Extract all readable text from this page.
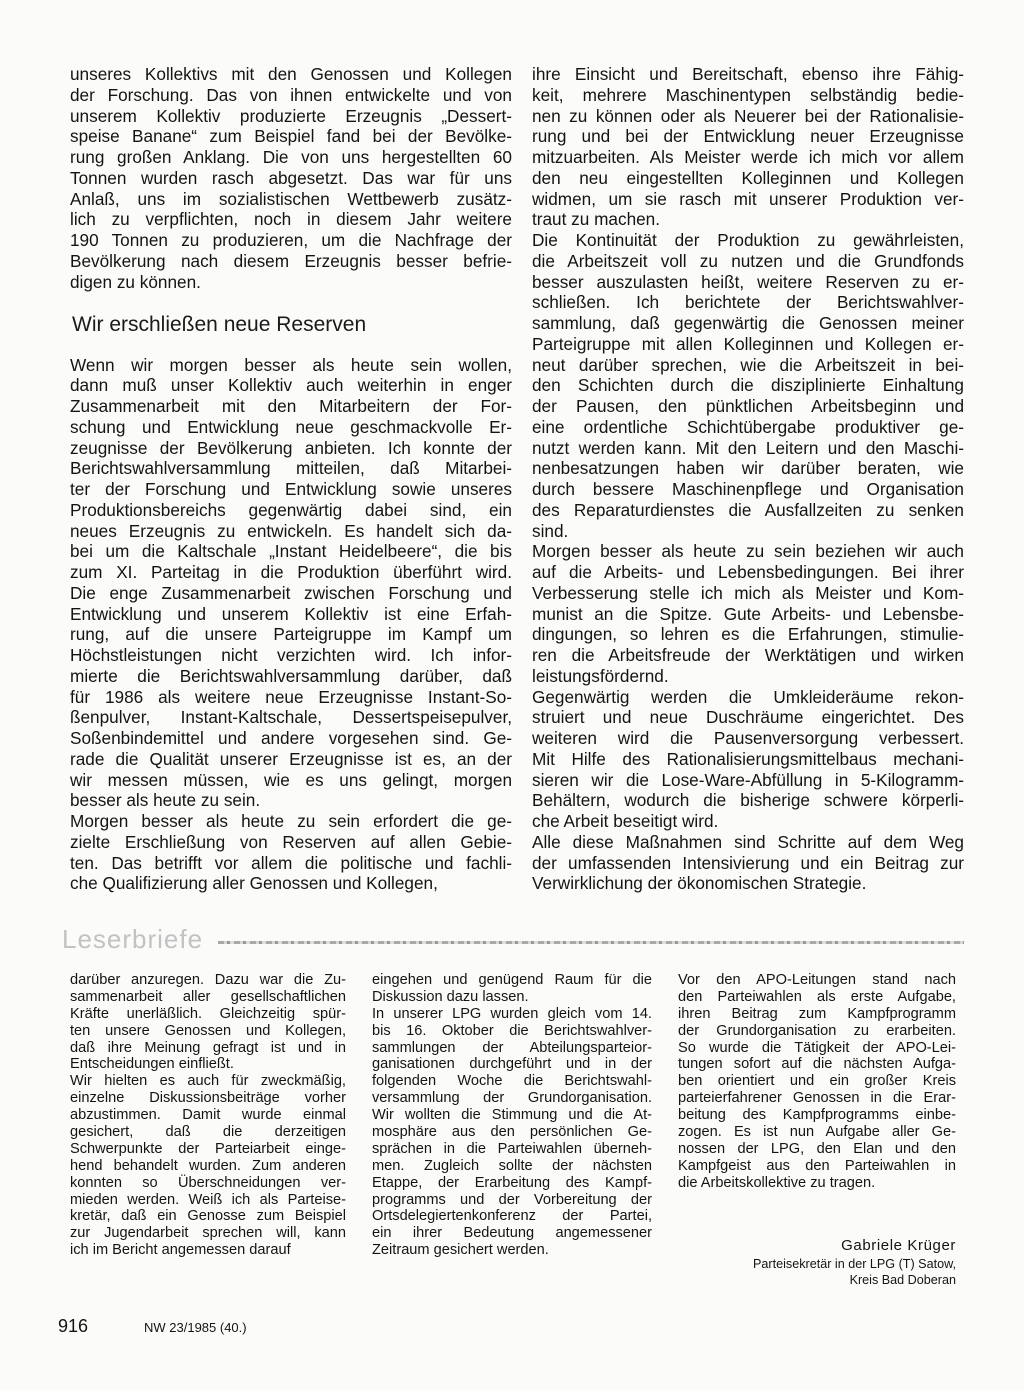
unseres Kollektivs mit den Genossen und Kollegen
der Forschung. Das von ihnen entwickelte und von
unserem Kollektiv produzierte Erzeugnis „Dessert-
speise Banane“ zum Beispiel fand bei der Bevölke-
rung großen Anklang. Die von uns hergestellten 60
Tonnen wurden rasch abgesetzt. Das war für uns
Anlaß, uns im sozialistischen Wettbewerb zusätz-
lich zu verpflichten, noch in diesem Jahr weitere
190 Tonnen zu produzieren, um die Nachfrage der
Bevölkerung nach diesem Erzeugnis besser befrie-
digen zu können.
Wenn wir morgen besser als heute sein wollen,
dann muß unser Kollektiv auch weiterhin in enger
Zusammenarbeit mit den Mitarbeitern der For-
schung und Entwicklung neue geschmackvolle Er-
zeugnisse der Bevölkerung anbieten. Ich konnte der
Berichtswahlversammlung mitteilen, daß Mitarbei-
ter der Forschung und Entwicklung sowie unseres
Produktionsbereichs gegenwärtig dabei sind, ein
neues Erzeugnis zu entwickeln. Es handelt sich da-
bei um die Kaltschale „Instant Heidelbeere“, die bis
zum XI. Parteitag in die Produktion überführt wird.
Die enge Zusammenarbeit zwischen Forschung und
Entwicklung und unserem Kollektiv ist eine Erfah-
rung, auf die unsere Parteigruppe im Kampf um
Höchstleistungen nicht verzichten wird. Ich infor-
mierte die Berichtswahlversammlung darüber, daß
für 1986 als weitere neue Erzeugnisse Instant-So-
ßenpulver, Instant-Kaltschale, Dessertspeisepulver,
Soßenbindemittel und andere vorgesehen sind. Ge-
rade die Qualität unserer Erzeugnisse ist es, an der
wir messen müssen, wie es uns gelingt, morgen
besser als heute zu sein.
Morgen besser als heute zu sein erfordert die ge-
zielte Erschließung von Reserven auf allen Gebie-
ten. Das betrifft vor allem die politische und fachli-
che Qualifizierung aller Genossen und Kollegen,
Wir erschließen neue Reserven
ihre Einsicht und Bereitschaft, ebenso ihre Fähig-
keit, mehrere Maschinentypen selbständig bedie-
nen zu können oder als Neuerer bei der Rationalisie-
rung und bei der Entwicklung neuer Erzeugnisse
mitzuarbeiten. Als Meister werde ich mich vor allem
den neu eingestellten Kolleginnen und Kollegen
widmen, um sie rasch mit unserer Produktion ver-
traut zu machen.
Die Kontinuität der Produktion zu gewährleisten,
die Arbeitszeit voll zu nutzen und die Grundfonds
besser auszulasten heißt, weitere Reserven zu er-
schließen. Ich berichtete der Berichtswahlver-
sammlung, daß gegenwärtig die Genossen meiner
Parteigruppe mit allen Kolleginnen und Kollegen er-
neut darüber sprechen, wie die Arbeitszeit in bei-
den Schichten durch die disziplinierte Einhaltung
der Pausen, den pünktlichen Arbeitsbeginn und
eine ordentliche Schichtübergabe produktiver ge-
nutzt werden kann. Mit den Leitern und den Maschi-
nenbesatzungen haben wir darüber beraten, wie
durch bessere Maschinenpflege und Organisation
des Reparaturdienstes die Ausfallzeiten zu senken
sind.
Morgen besser als heute zu sein beziehen wir auch
auf die Arbeits- und Lebensbedingungen. Bei ihrer
Verbesserung stelle ich mich als Meister und Kom-
munist an die Spitze. Gute Arbeits- und Lebensbe-
dingungen, so lehren es die Erfahrungen, stimulie-
ren die Arbeitsfreude der Werktätigen und wirken
leistungsfördernd.
Gegenwärtig werden die Umkleideräume rekon-
struiert und neue Duschräume eingerichtet. Des
weiteren wird die Pausenversorgung verbessert.
Mit Hilfe des Rationalisierungsmittelbaus mechani-
sieren wir die Lose-Ware-Abfüllung in 5-Kilogramm-
Behältern, wodurch die bisherige schwere körperli-
che Arbeit beseitigt wird.
Alle diese Maßnahmen sind Schritte auf dem Weg
der umfassenden Intensivierung und ein Beitrag zur
Verwirklichung der ökonomischen Strategie.
Leserbriefe
darüber anzuregen. Dazu war die Zu-
sammenarbeit aller gesellschaftlichen
Kräfte unerläßlich. Gleichzeitig spür-
ten unsere Genossen und Kollegen,
daß ihre Meinung gefragt ist und in
Entscheidungen einfließt.
Wir hielten es auch für zweckmäßig,
einzelne Diskussionsbeiträge vorher
abzustimmen. Damit wurde einmal
gesichert, daß die derzeitigen
Schwerpunkte der Parteiarbeit einge-
hend behandelt wurden. Zum anderen
konnten so Überschneidungen ver-
mieden werden. Weiß ich als Parteise-
kretär, daß ein Genosse zum Beispiel
zur Jugendarbeit sprechen will, kann
ich im Bericht angemessen darauf
eingehen und genügend Raum für die
Diskussion dazu lassen.
In unserer LPG wurden gleich vom 14.
bis 16. Oktober die Berichtswahlver-
sammlungen der Abteilungsparteior-
ganisationen durchgeführt und in der
folgenden Woche die Berichtswahl-
versammlung der Grundorganisation.
Wir wollten die Stimmung und die At-
mosphäre aus den persönlichen Ge-
sprächen in die Parteiwahlen überneh-
men. Zugleich sollte der nächsten
Etappe, der Erarbeitung des Kampf-
programms und der Vorbereitung der
Ortsdelegiertenkonferenz der Partei,
ein ihrer Bedeutung angemessener
Zeitraum gesichert werden.
Vor den APO-Leitungen stand nach
den Parteiwahlen als erste Aufgabe,
ihren Beitrag zum Kampfprogramm
der Grundorganisation zu erarbeiten.
So wurde die Tätigkeit der APO-Lei-
tungen sofort auf die nächsten Aufga-
ben orientiert und ein großer Kreis
parteierfahrener Genossen in die Erar-
beitung des Kampfprogramms einbe-
zogen. Es ist nun Aufgabe aller Ge-
nossen der LPG, den Elan und den
Kampfgeist aus den Parteiwahlen in
die Arbeitskollektive zu tragen.
Gabriele Krüger
Parteisekretär in der LPG (T) Satow,
Kreis Bad Doberan
916	NW 23/1985 (40.)
